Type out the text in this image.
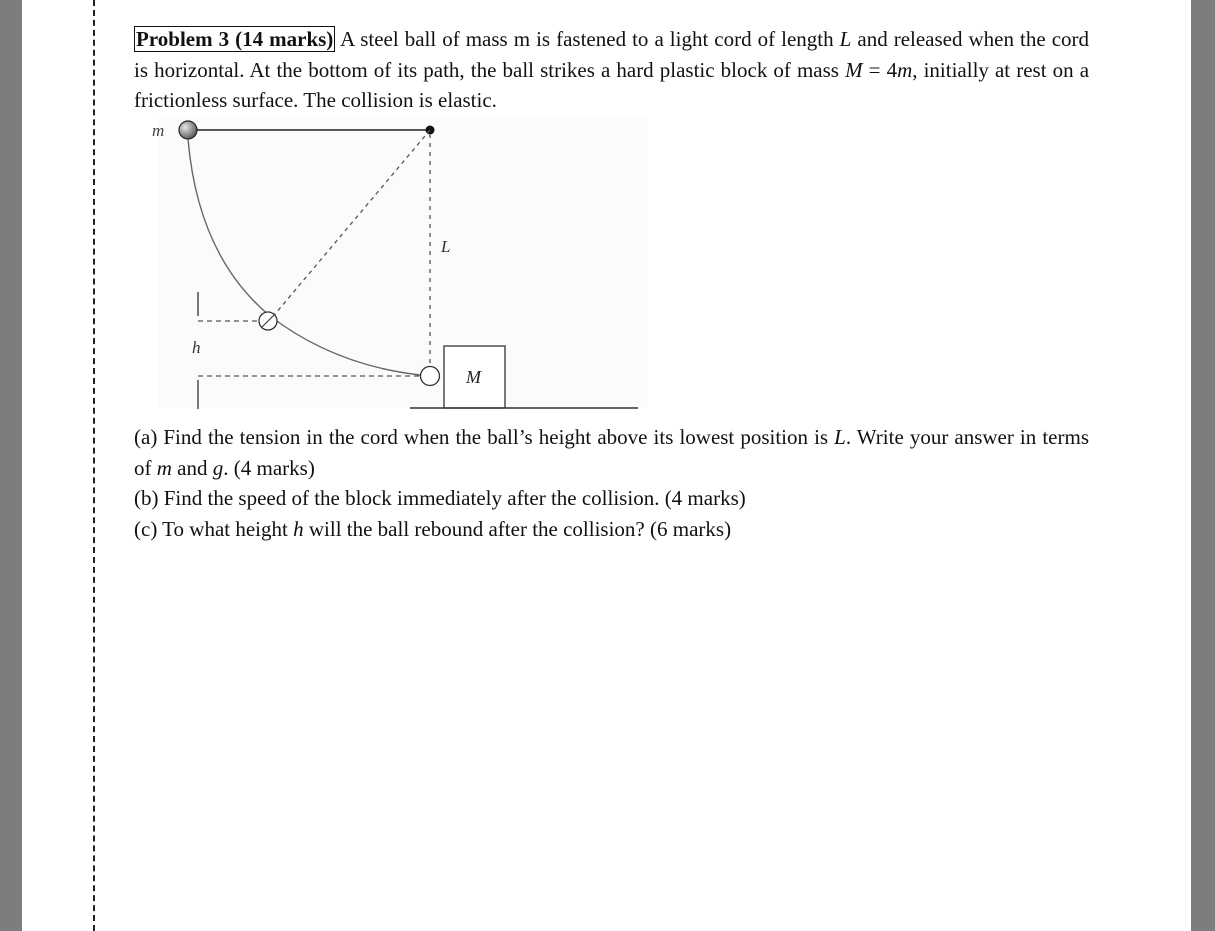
Problem 3 (14 marks) A steel ball of mass m is fastened to a light cord of length L and released when the cord is horizontal. At the bottom of its path, the ball strikes a hard plastic block of mass M = 4m, initially at rest on a frictionless surface. The collision is elastic.

m
L
h
M

(a) Find the tension in the cord when the ball’s height above its lowest position is L. Write your answer in terms of m and g. (4 marks)

(b) Find the speed of the block immediately after the collision. (4 marks)

(c) To what height h will the ball rebound after the collision? (6 marks)
